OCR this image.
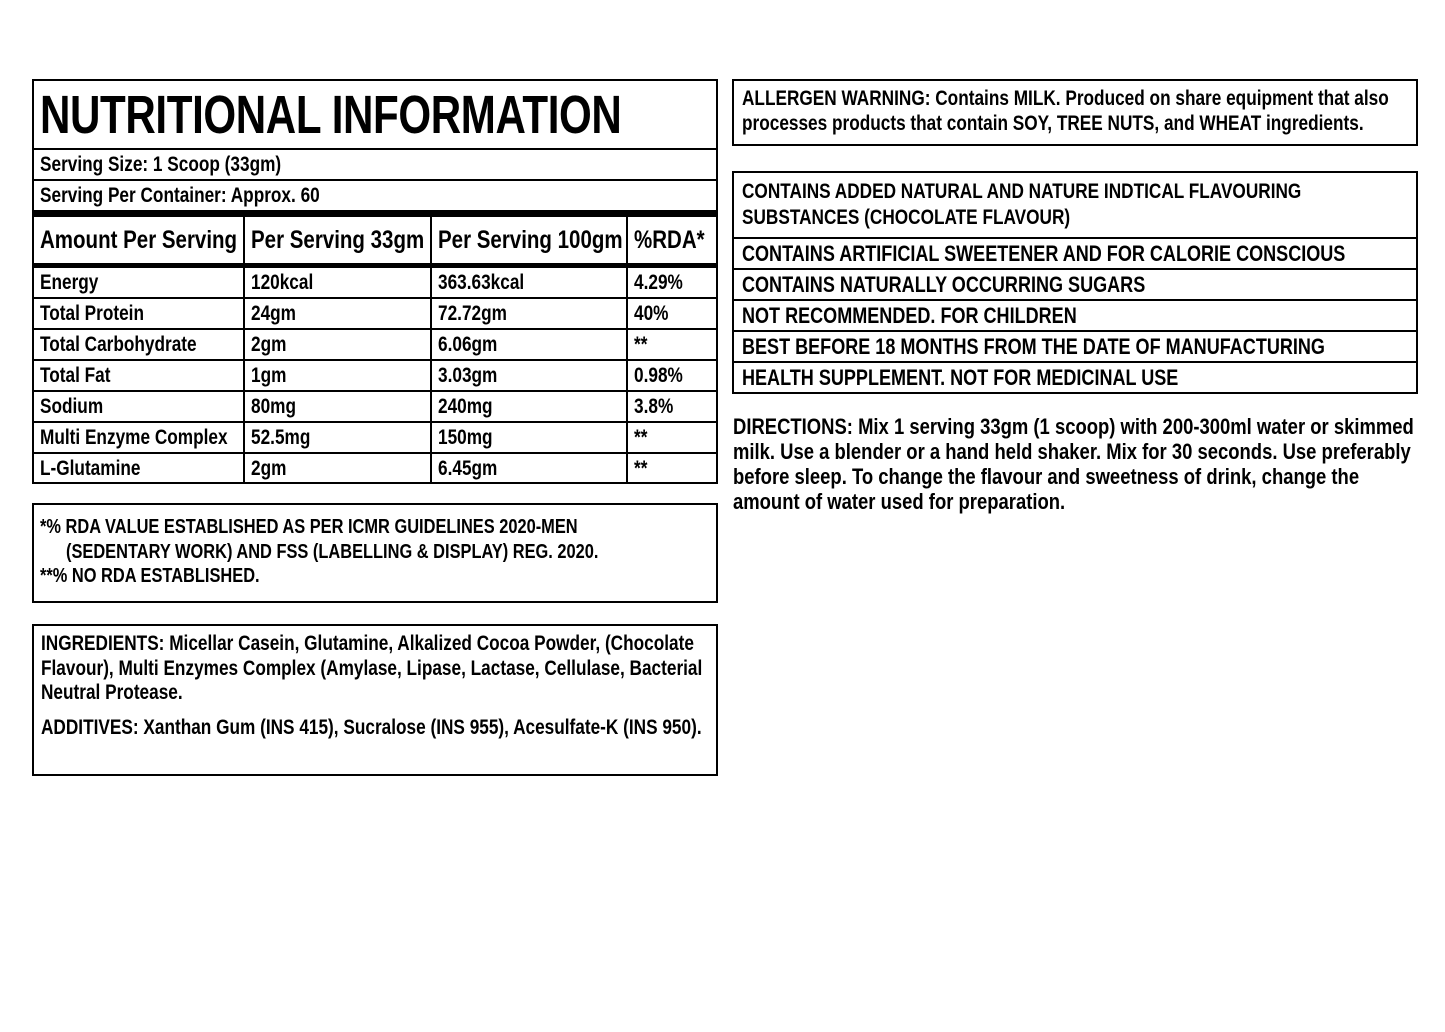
NUTRITIONAL INFORMATION
Serving Size: 1 Scoop (33gm)
Serving Per Container: Approx. 60
Amount Per Serving	Per Serving 33gm	Per Serving 100gm	%RDA*
Energy	120kcal	363.63kcal	4.29%
Total Protein	24gm	72.72gm	40%
Total Carbohydrate	2gm	6.06gm	**
Total Fat	1gm	3.03gm	0.98%
Sodium	80mg	240mg	3.8%
Multi Enzyme Complex	52.5mg	150mg	**
L-Glutamine	2gm	6.45gm	**
*% RDA VALUE ESTABLISHED AS PER ICMR GUIDELINES 2020-MEN
(SEDENTARY WORK) AND FSS (LABELLING & DISPLAY) REG. 2020.
**% NO RDA ESTABLISHED.

INGREDIENTS: Micellar Casein, Glutamine, Alkalized Cocoa Powder, (Chocolate Flavour), Multi Enzymes Complex (Amylase, Lipase, Lactase, Cellulase, Bacterial Neutral Protease.

ADDITIVES: Xanthan Gum (INS 415), Sucralose (INS 955), Acesulfate-K (INS 950).

ALLERGEN WARNING: Contains MILK. Produced on share equipment that also processes products that contain SOY, TREE NUTS, and WHEAT ingredients.
CONTAINS ADDED NATURAL AND NATURE INDTICAL FLAVOURING SUBSTANCES (CHOCOLATE FLAVOUR)
CONTAINS ARTIFICIAL SWEETENER AND FOR CALORIE CONSCIOUS
CONTAINS NATURALLY OCCURRING SUGARS
NOT RECOMMENDED. FOR CHILDREN
BEST BEFORE 18 MONTHS FROM THE DATE OF MANUFACTURING
HEALTH SUPPLEMENT. NOT FOR MEDICINAL USE
DIRECTIONS: Mix 1 serving 33gm (1 scoop) with 200-300ml water or skimmed milk. Use a blender or a hand held shaker. Mix for 30 seconds. Use preferably before sleep. To change the flavour and sweetness of drink, change the amount of water used for preparation.
